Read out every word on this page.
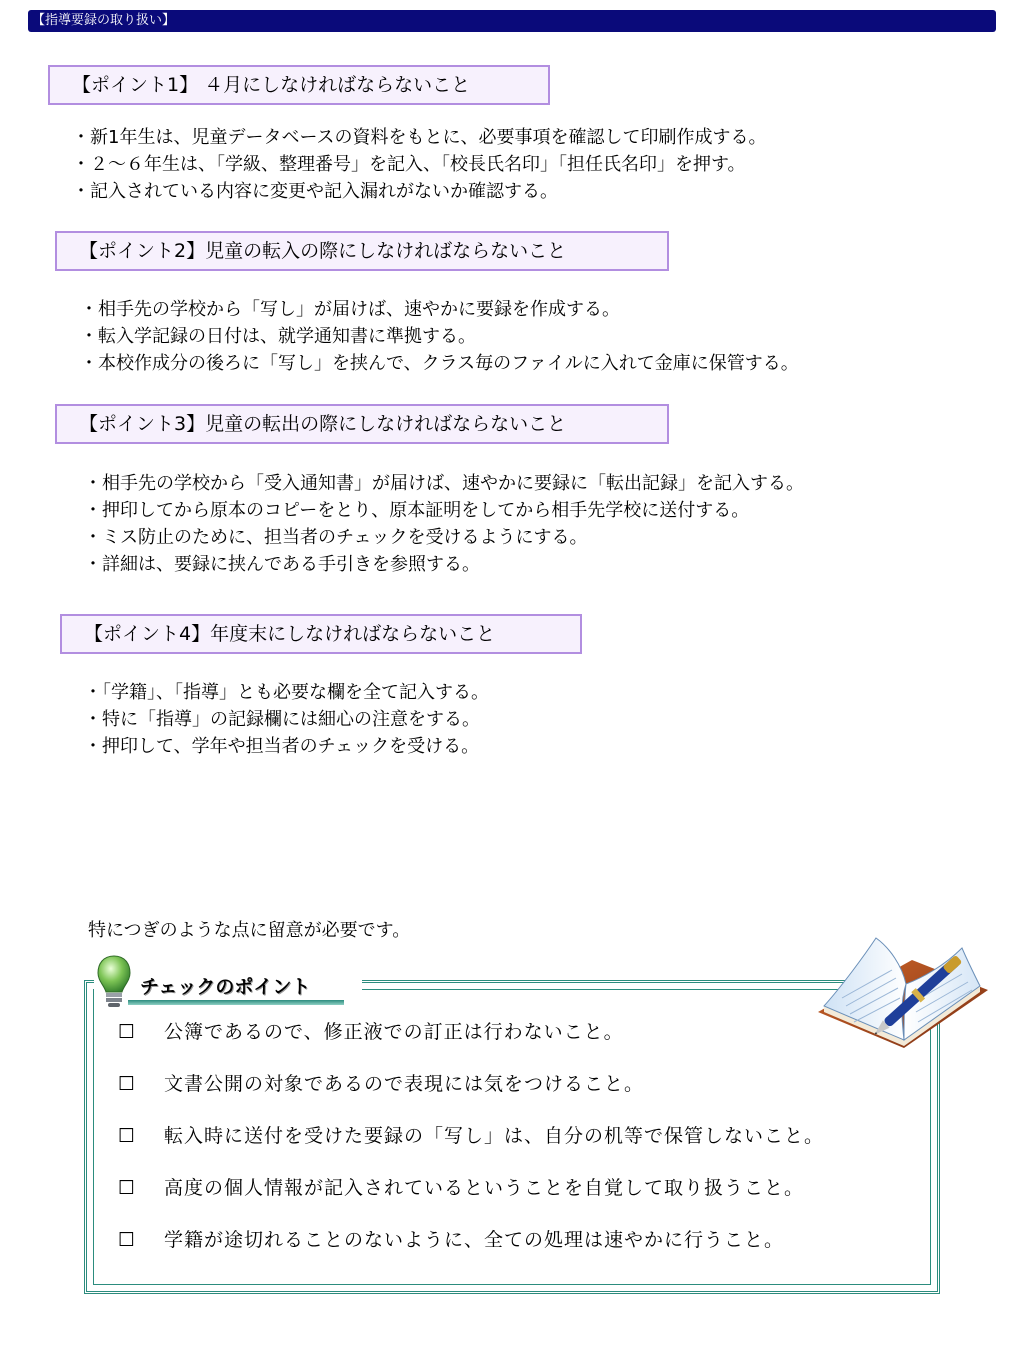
【指導要録の取り扱い】
【ポイント1】 ４月にしなければならないこと
・新1年生は、児童データベースの資料をもとに、必要事項を確認して印刷作成する。
・２～６年生は、「学級、整理番号」を記入、「校長氏名印」「担任氏名印」を押す。
・記入されている内容に変更や記入漏れがないか確認する。
【ポイント2】児童の転入の際にしなければならないこと
・相手先の学校から「写し」が届けば、速やかに要録を作成する。
・転入学記録の日付は、就学通知書に準拠する。
・本校作成分の後ろに「写し」を挟んで、クラス毎のファイルに入れて金庫に保管する。
【ポイント3】児童の転出の際にしなければならないこと
・相手先の学校から「受入通知書」が届けば、速やかに要録に「転出記録」を記入する。
・押印してから原本のコピーをとり、原本証明をしてから相手先学校に送付する。
・ミス防止のために、担当者のチェックを受けるようにする。
・詳細は、要録に挟んである手引きを参照する。
【ポイント4】年度末にしなければならないこと
・「学籍」、「指導」とも必要な欄を全て記入する。
・特に「指導」の記録欄には細心の注意をする。
・押印して、学年や担当者のチェックを受ける。
特につぎのような点に留意が必要です。
チェックのポイント
☐ 公簿であるので、修正液での訂正は行わないこと。
☐ 文書公開の対象であるので表現には気をつけること。
☐ 転入時に送付を受けた要録の「写し」は、自分の机等で保管しないこと。
☐ 高度の個人情報が記入されているということを自覚して取り扱うこと。
☐ 学籍が途切れることのないように、全ての処理は速やかに行うこと。
